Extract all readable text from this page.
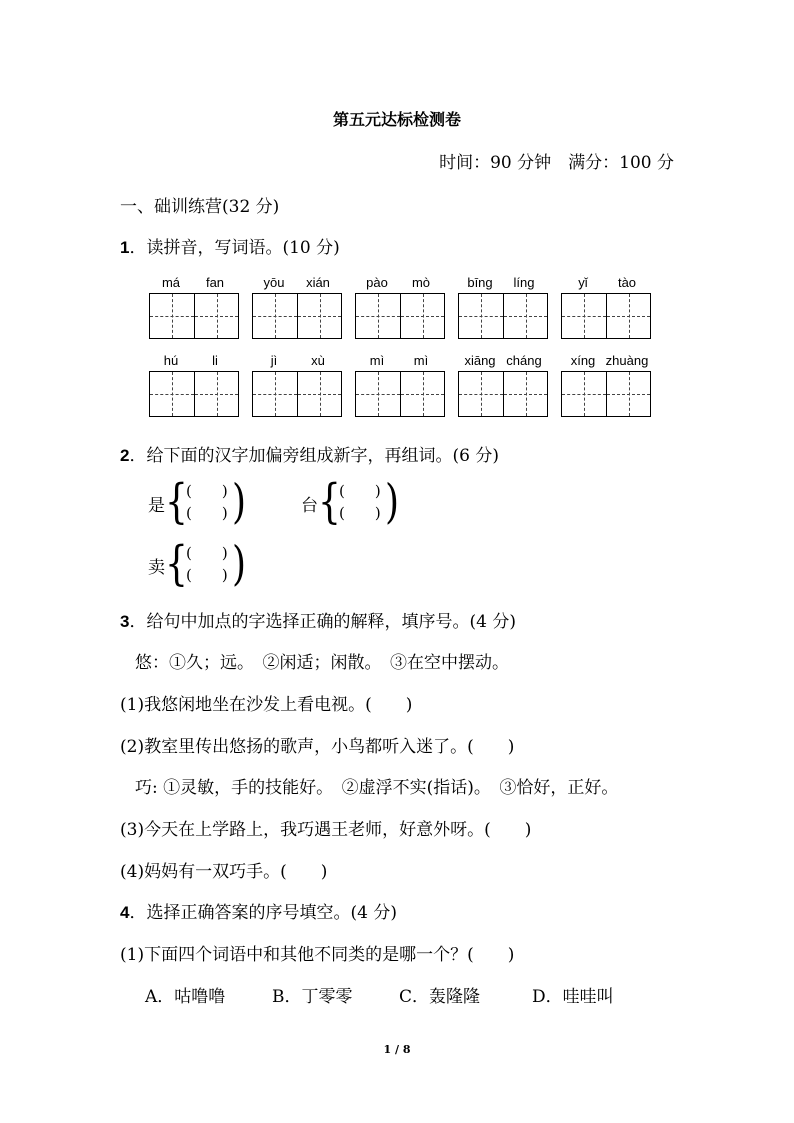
第五元达标检测卷
时间：90 分钟　满分：100 分
一、础训练营(32 分)
1．读拼音，写词语。(10 分)
má	fan	yōu	xián	pào	mò	bīng	líng	yǐ	tào
hú	li	jì	xù	mì	mì	xiāng cháng	xíng zhuàng
2．给下面的汉字加偏旁组成新字，再组词。(6 分)
是 {
(　　)
(　　) )	台 {
(　　)
(　　) )
卖 {
(　　)
(　　) )
3．给句中加点的字选择正确的解释，填序号。(4 分)
悠：①久；远。　②闲适；闲散。　③在空中摆动。
(1)我悠闲地坐在沙发上看电视。(　　)
(2)教室里传出悠扬的歌声，小鸟都听入迷了。(　　)
巧: ①灵敏，手的技能好。　②虚浮不实(指话)。　③恰好，正好。
(3)今天在上学路上，我巧遇王老师，好意外呀。(　　)
(4)妈妈有一双巧手。(　　)
4．选择正确答案的序号填空。(4 分)
(1)下面四个词语中和其他不同类的是哪一个？(　　)
A．咕噜噜	B．丁零零	C．轰隆隆	D．哇哇叫
1 / 8
